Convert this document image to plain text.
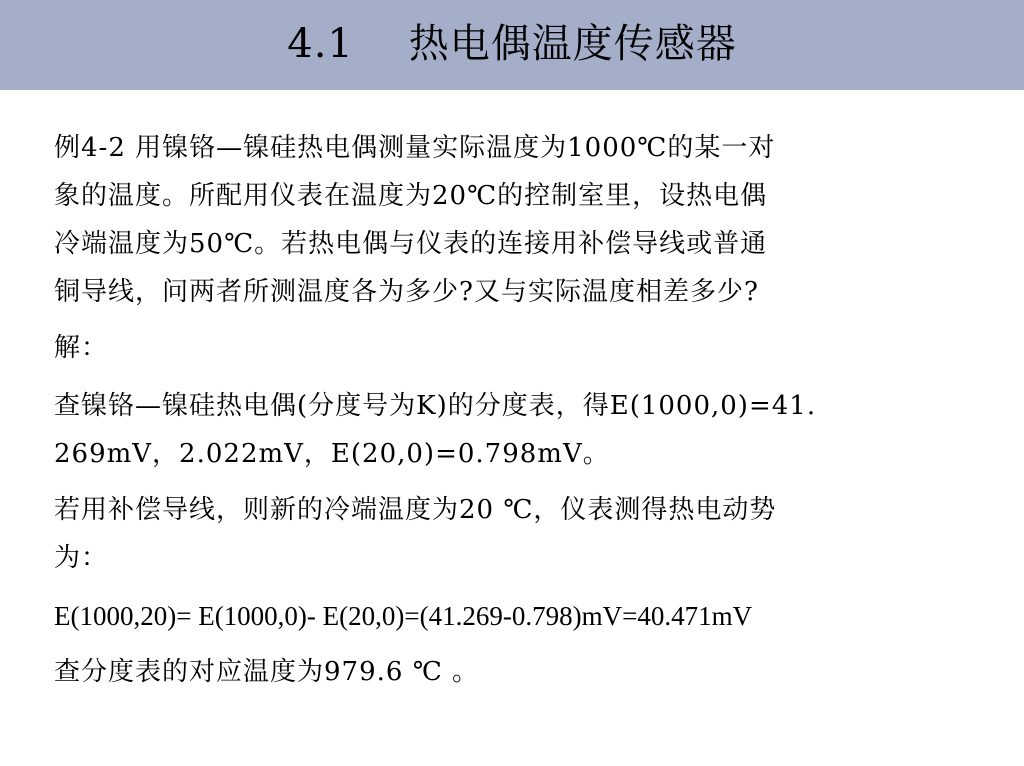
4.1    热电偶温度传感器
例4-2 用镍铬—镍硅热电偶测量实际温度为1000℃的某一对
象的温度。所配用仪表在温度为20℃的控制室里，设热电偶
冷端温度为50℃。若热电偶与仪表的连接用补偿导线或普通
铜导线，问两者所测温度各为多少?又与实际温度相差多少?
解：
查镍铬—镍硅热电偶(分度号为K)的分度表，得E(1000,0)=41.
269mV，2.022mV，E(20,0)=0.798mV。
若用补偿导线，则新的冷端温度为20 ℃，仪表测得热电动势
为：
E(1000,20)= E(1000,0)- E(20,0)=(41.269-0.798)mV=40.471mV
查分度表的对应温度为979.6 ℃ 。
